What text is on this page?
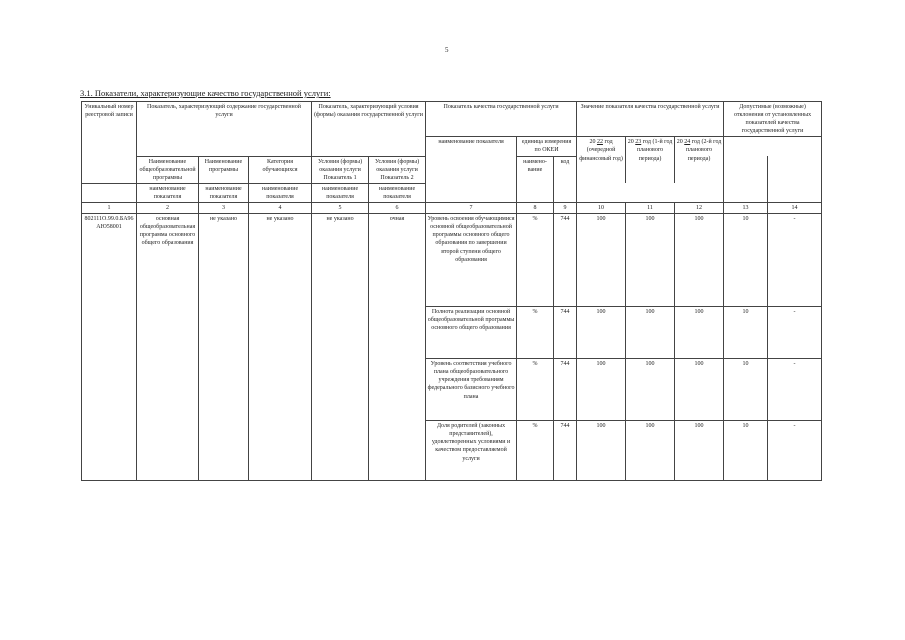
5
3.1. Показатели, характеризующие качество государственной услуги:
Уникальный номер реестровой записи	Показатель, характеризующий содержание государственной услуги			Показатель, характеризующий условия (формы) оказания государственной услуги		Показатель качества государственной услуги			Значение показателя качества государственной услуги			Допустимые (возможные) отклонения от установленных показателей качества государственной услуги		
						наименование показателя	единица измерения по ОКЕИ		20 22 год (очередной финансовый год)	20 23 год (1-й год планового периода)	20 24 год (2-й год планового периода)			
	Наименование общеобразовательной программы	Наименование программы	Категория обучающихся	Условия (формы) оказания услуги Показатель 1	Условия (формы) оказания услуги Показатель 2		наимено-вание	код					
	наименование показателя	наименование показателя	наименование показателя	наименование показателя	наименование показателя									
1	2	3	4	5	6	7	8	9	10	11	12	13	14	
802111О.99.0.БА96АЮ58001	основная общеобразовательная программа основного общего образования	не указано	не указано	не указано	очная	Уровень освоения обучающимися основной общеобразовательной программы основного общего образования по завершении второй ступени общего образования	%	744	100	100	100	10	-	
						Полнота реализации основной общеобразовательной программы основного общего образования	%	744	100	100	100	10	-	
						Уровень соответствия учебного плана общеобразовательного учреждения требованиям федерального базисного учебного плана	%	744	100	100	100	10	-	
						Доля родителей (законных представителей), удовлетворенных условиями и качеством предоставляемой услуги	%	744	100	100	100	10	-	
